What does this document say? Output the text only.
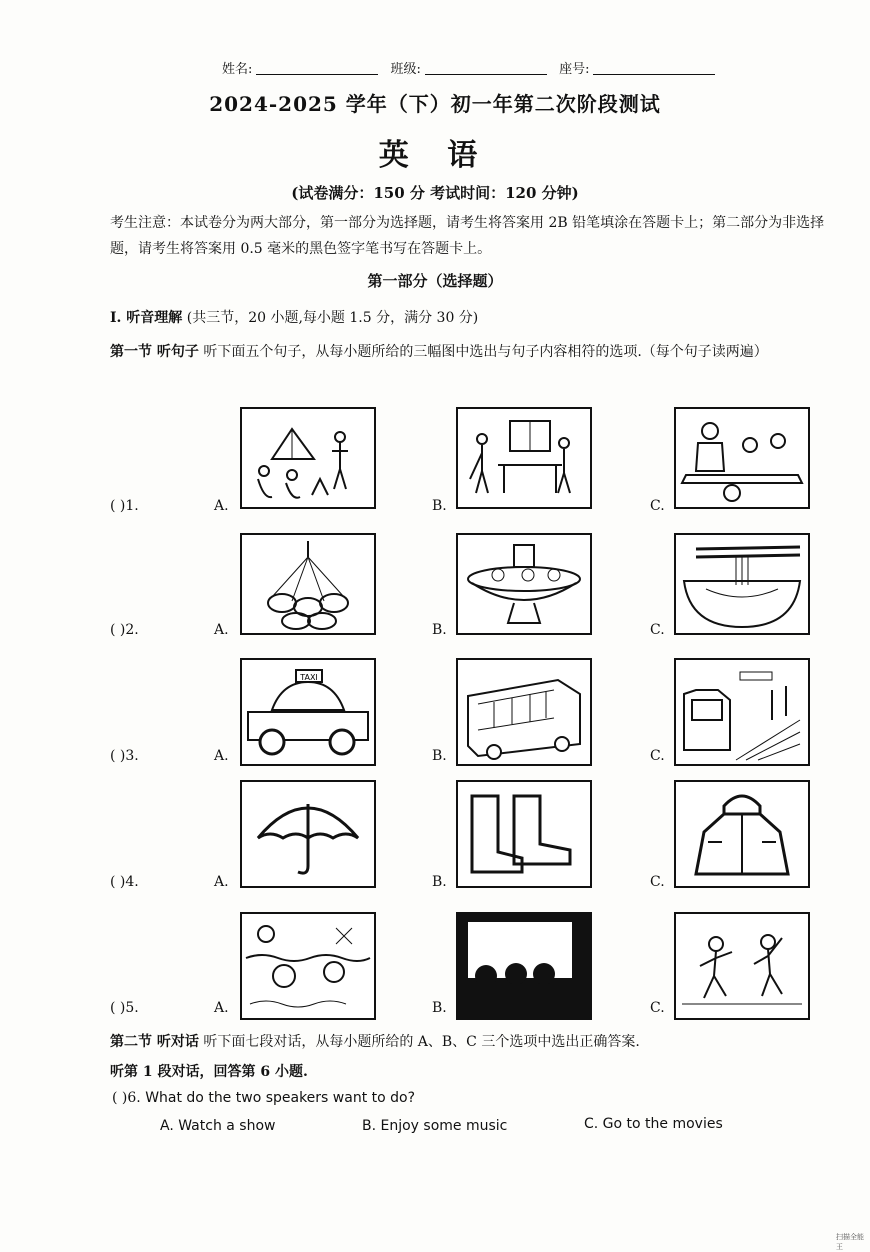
姓名:	班级:	座号:
2024-2025 学年（下）初一年第二次阶段测试
英 语
(试卷满分：150 分 考试时间：120 分钟)
考生注意：本试卷分为两大部分，第一部分为选择题，请考生将答案用 2B 铅笔填涂在答题卡上；第二部分为非选择题，请考生将答案用 0.5 毫米的黑色签字笔书写在答题卡上。
第一部分（选择题）
I. 听音理解 (共三节，20 小题,每小题 1.5 分，满分 30 分)
第一节 听句子 听下面五个句子，从每小题所给的三幅图中选出与句子内容相符的选项.（每个句子读两遍）
( )1.	A.	B.	C.
( )2.	A.	B.	C.
( )3.	A.	B.	C.
TAXI
( )4.	A.	B.	C.
( )5.	A.	B.	C.
第二节 听对话 听下面七段对话，从每小题所给的 A、B、C 三个选项中选出正确答案.
听第 1 段对话，回答第 6 小题.
( )6. What do the two speakers want to do?
A. Watch a show	B. Enjoy some music	C. Go to the movies
扫描全能王
